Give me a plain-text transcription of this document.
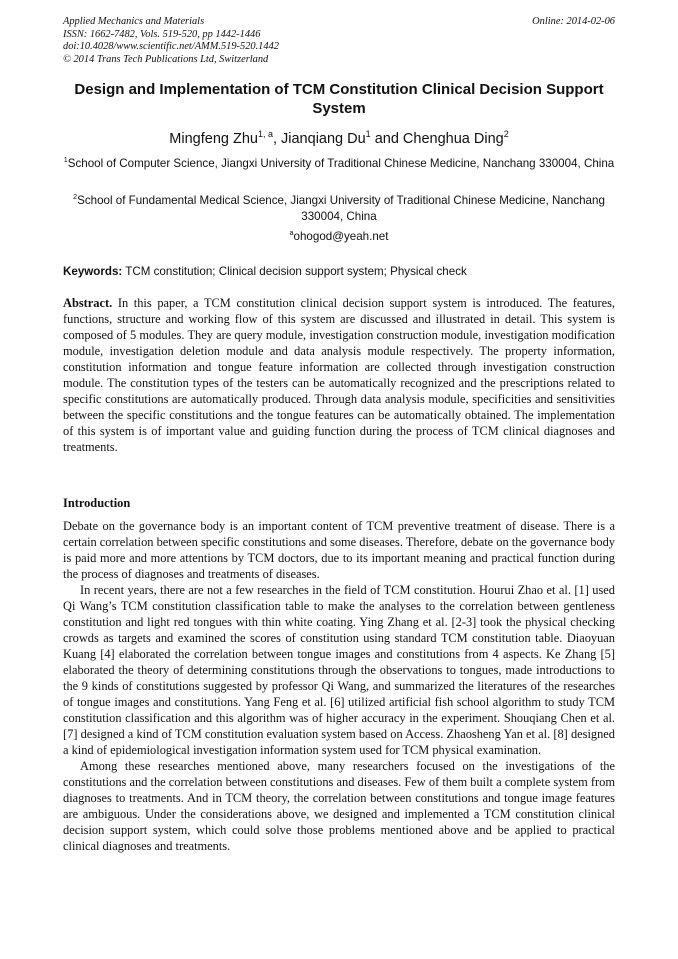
Applied Mechanics and Materials
ISSN: 1662-7482, Vols. 519-520, pp 1442-1446
doi:10.4028/www.scientific.net/AMM.519-520.1442
© 2014 Trans Tech Publications Ltd, Switzerland
Online: 2014-02-06
Design and Implementation of TCM Constitution Clinical Decision Support System
Mingfeng Zhu$^{1, a}$, Jianqiang Du$^1$ and Chenghua Ding$^2$
$^1$School of Computer Science, Jiangxi University of Traditional Chinese Medicine, Nanchang 330004, China
$^2$School of Fundamental Medical Science, Jiangxi University of Traditional Chinese Medicine, Nanchang 330004, China
$^a$ohogod@yeah.net
Keywords: TCM constitution; Clinical decision support system; Physical check
Abstract. In this paper, a TCM constitution clinical decision support system is introduced. The features, functions, structure and working flow of this system are discussed and illustrated in detail. This system is composed of 5 modules. They are query module, investigation construction module, investigation modification module, investigation deletion module and data analysis module respectively. The property information, constitution information and tongue feature information are collected through investigation construction module. The constitution types of the testers can be automatically recognized and the prescriptions related to specific constitutions are automatically produced. Through data analysis module, specificities and sensitivities between the specific constitutions and the tongue features can be automatically obtained. The implementation of this system is of important value and guiding function during the process of TCM clinical diagnoses and treatments.
Introduction

Debate on the governance body is an important content of TCM preventive treatment of disease. There is a certain correlation between specific constitutions and some diseases. Therefore, debate on the governance body is paid more and more attentions by TCM doctors, due to its important meaning and practical function during the process of diagnoses and treatments of diseases.

In recent years, there are not a few researches in the field of TCM constitution. Hourui Zhao et al. [1] used Qi Wang’s TCM constitution classification table to make the analyses to the correlation between gentleness constitution and light red tongues with thin white coating. Ying Zhang et al. [2-3] took the physical checking crowds as targets and examined the scores of constitution using standard TCM constitution table. Diaoyuan Kuang [4] elaborated the correlation between tongue images and constitutions from 4 aspects. Ke Zhang [5] elaborated the theory of determining constitutions through the observations to tongues, made introductions to the 9 kinds of constitutions suggested by professor Qi Wang, and summarized the literatures of the researches of tongue images and constitutions. Yang Feng et al. [6] utilized artificial fish school algorithm to study TCM constitution classification and this algorithm was of higher accuracy in the experiment. Shouqiang Chen et al. [7] designed a kind of TCM constitution evaluation system based on Access. Zhaosheng Yan et al. [8] designed a kind of epidemiological investigation information system used for TCM physical examination.

Among these researches mentioned above, many researchers focused on the investigations of the constitutions and the correlation between constitutions and diseases. Few of them built a complete system from diagnoses to treatments. And in TCM theory, the correlation between constitutions and tongue image features are ambiguous. Under the considerations above, we designed and implemented a TCM constitution clinical decision support system, which could solve those problems mentioned above and be applied to practical clinical diagnoses and treatments.
